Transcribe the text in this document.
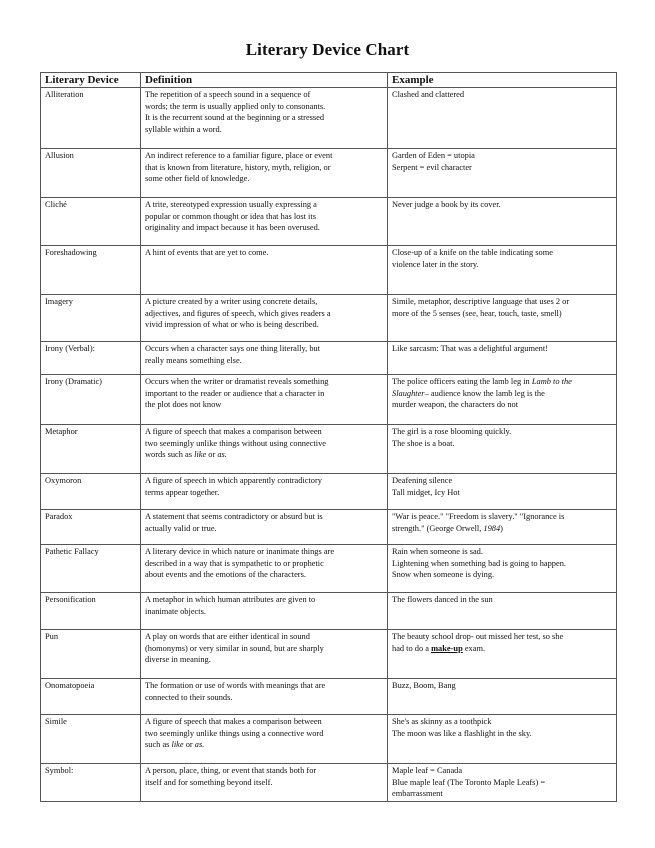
Literary Device Chart
Literary Device	Definition	Example
Alliteration	The repetition of a speech sound in a sequence of
words; the term is usually applied only to consonants.
It is the recurrent sound at the beginning or a stressed
syllable within a word.	Clashed and clattered

Allusion	An indirect reference to a familiar figure, place or event
that is known from literature, history, myth, religion, or
some other field of knowledge.	Garden of Eden = utopia
Serpent = evil character

Cliché	A trite, stereotyped expression usually expressing a
popular or common thought or idea that has lost its
originality and impact because it has been overused.	Never judge a book by its cover.

Foreshadowing	A hint of events that are yet to come.	Close-up of a knife on the table indicating some
violence later in the story.

Imagery	A picture created by a writer using concrete details,
adjectives, and figures of speech, which gives readers a
vivid impression of what or who is being described.	Simile, metaphor, descriptive language that uses 2 or
more of the 5 senses (see, hear, touch, taste, smell)

Irony (Verbal):	Occurs when a character says one thing literally, but
really means something else.	Like sarcasm: That was a delightful argument!

Irony (Dramatic)	Occurs when the writer or dramatist reveals something
important to the reader or audience that a character in
the plot does not know	The police officers eating the lamb leg in Lamb to the
Slaughter– audience know the lamb leg is the
murder weapon, the characters do not

Metaphor	A figure of speech that makes a comparison between
two seemingly unlike things without using connective
words such as like or as.	The girl is a rose blooming quickly.
The shoe is a boat.

Oxymoron	A figure of speech in which apparently contradictory
terms appear together.	Deafening silence
Tall midget, Icy Hot

Paradox	A statement that seems contradictory or absurd but is
actually valid or true.	"War is peace." "Freedom is slavery." "Ignorance is
strength." (George Orwell, 1984)

Pathetic Fallacy	A literary device in which nature or inanimate things are
described in a way that is sympathetic to or prophetic
about events and the emotions of the characters.	Rain when someone is sad.
Lightening when something bad is going to happen.
Snow when someone is dying.

Personification	A metaphor in which human attributes are given to
inanimate objects.	The flowers danced in the sun

Pun	A play on words that are either identical in sound
(homonyms) or very similar in sound, but are sharply
diverse in meaning.	The beauty school drop- out missed her test, so she
had to do a make-up exam.

Onomatopoeia	The formation or use of words with meanings that are
connected to their sounds.	Buzz, Boom, Bang

Simile	A figure of speech that makes a comparison between
two seemingly unlike things using a connective word
such as like or as.	She's as skinny as a toothpick
The moon was like a flashlight in the sky.

Symbol:	A person, place, thing, or event that stands both for
itself and for something beyond itself.	Maple leaf = Canada
Blue maple leaf (The Toronto Maple Leafs) =
embarrassment
